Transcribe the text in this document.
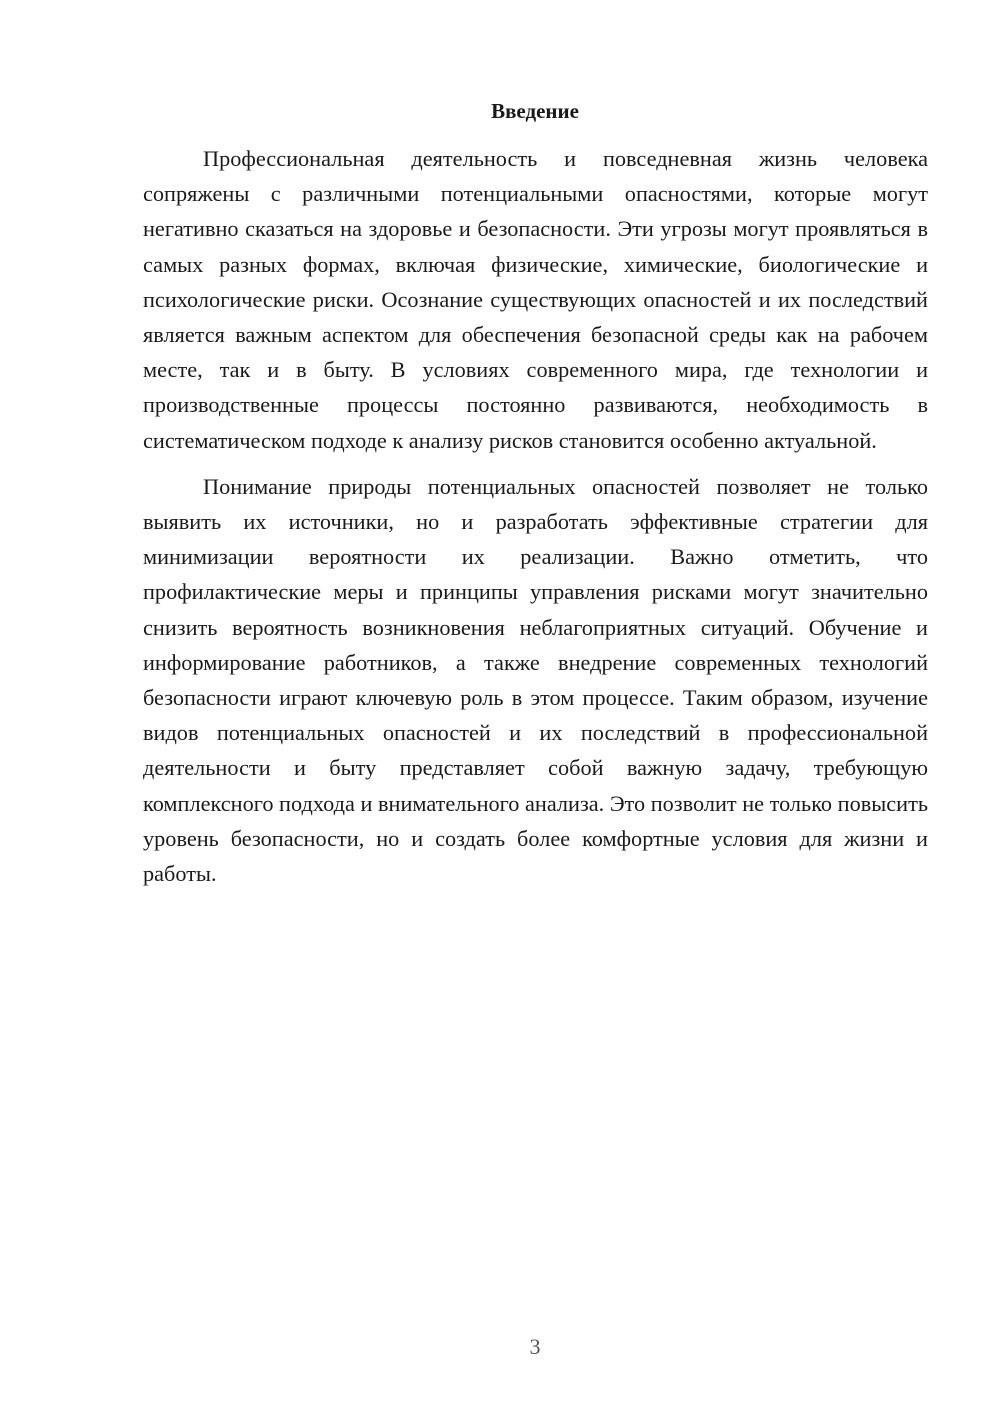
Введение

Профессиональная деятельность и повседневная жизнь человека сопряжены с различными потенциальными опасностями, которые могут негативно сказаться на здоровье и безопасности. Эти угрозы могут проявляться в самых разных формах, включая физические, химические, биологические и психологические риски. Осознание существующих опасностей и их последствий является важным аспектом для обеспечения безопасной среды как на рабочем месте, так и в быту. В условиях современного мира, где технологии и производственные процессы постоянно развиваются, необходимость в систематическом подходе к анализу рисков становится особенно актуальной.

Понимание природы потенциальных опасностей позволяет не только выявить их источники, но и разработать эффективные стратегии для минимизации вероятности их реализации. Важно отметить, что профилактические меры и принципы управления рисками могут значительно снизить вероятность возникновения неблагоприятных ситуаций. Обучение и информирование работников, а также внедрение современных технологий безопасности играют ключевую роль в этом процессе. Таким образом, изучение видов потенциальных опасностей и их последствий в профессиональной деятельности и быту представляет собой важную задачу, требующую комплексного подхода и внимательного анализа. Это позволит не только повысить уровень безопасности, но и создать более комфортные условия для жизни и работы.

3
